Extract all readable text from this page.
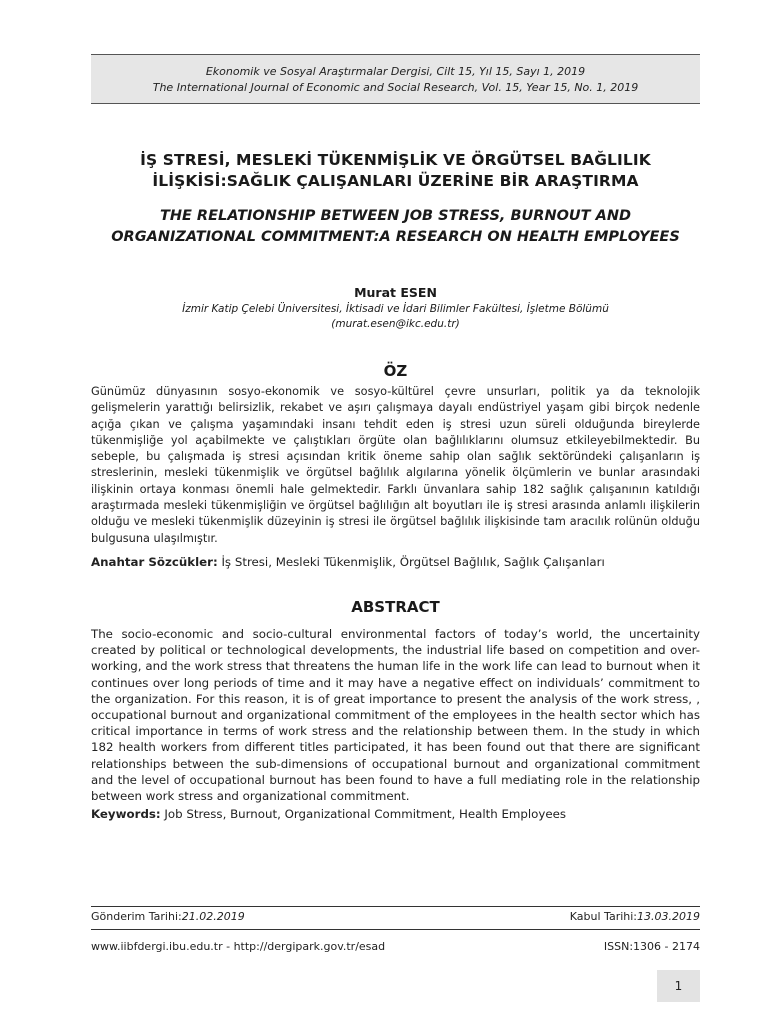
Ekonomik ve Sosyal Araştırmalar Dergisi, Cilt 15, Yıl 15, Sayı 1, 2019
The International Journal of Economic and Social Research, Vol. 15, Year 15, No. 1, 2019
İŞ STRESİ, MESLEKİ TÜKENMİŞLİK VE ÖRGÜTSEL BAĞLILIK
İLİŞKİSİ:SAĞLIK ÇALIŞANLARI ÜZERİNE BİR ARAŞTIRMA
THE RELATIONSHIP BETWEEN JOB STRESS, BURNOUT AND
ORGANIZATIONAL COMMITMENT:A RESEARCH ON HEALTH EMPLOYEES
Murat ESEN
İzmir Katip Çelebi Üniversitesi, İktisadi ve İdari Bilimler Fakültesi, İşletme Bölümü
(murat.esen@ikc.edu.tr)
ÖZ
Günümüz dünyasının sosyo-ekonomik ve sosyo-kültürel çevre unsurları, politik ya da teknolojik gelişmelerin yarattığı belirsizlik, rekabet ve aşırı çalışmaya dayalı endüstriyel yaşam gibi birçok nedenle açığa çıkan ve çalışma yaşamındaki insanı tehdit eden iş stresi uzun süreli olduğunda bireylerde tükenmişliğe yol açabilmekte ve çalıştıkları örgüte olan bağlılıklarını olumsuz etkileyebilmektedir. Bu sebeple, bu çalışmada iş stresi açısından kritik öneme sahip olan sağlık sektöründeki çalışanların iş streslerinin, mesleki tükenmişlik ve örgütsel bağlılık algılarına yönelik ölçümlerin ve bunlar arasındaki ilişkinin ortaya konması önemli hale gelmektedir. Farklı ünvanlara sahip 182 sağlık çalışanının katıldığı araştırmada mesleki tükenmişliğin ve örgütsel bağlılığın alt boyutları ile iş stresi arasında anlamlı ilişkilerin olduğu ve mesleki tükenmişlik düzeyinin iş stresi ile örgütsel bağlılık ilişkisinde tam aracılık rolünün olduğu bulgusuna ulaşılmıştır.
Anahtar Sözcükler: İş Stresi, Mesleki Tükenmişlik, Örgütsel Bağlılık, Sağlık Çalışanları
ABSTRACT
The socio-economic and socio-cultural environmental factors of today’s world, the uncertainity created by political or technological developments, the industrial life based on competition and over-working, and the work stress that threatens the human life in the work life can lead to burnout when it continues over long periods of time and it may have a negative effect on individuals’ commitment to the organization. For this reason, it is of great importance to present the analysis of the work stress, , occupational burnout and organizational commitment of the employees in the health sector which has critical importance in terms of work stress and the relationship between them. In the study in which 182 health workers from different titles participated, it has been found out that there are significant relationships between the sub-dimensions of occupational burnout and organizational commitment and the level of occupational burnout has been found to have a full mediating role in the relationship between work stress and organizational commitment.
Keywords: Job Stress, Burnout, Organizational Commitment, Health Employees
Gönderim Tarihi:21.02.2019	Kabul Tarihi:13.03.2019
www.iibfdergi.ibu.edu.tr - http://dergipark.gov.tr/esad	ISSN:1306 - 2174
1
